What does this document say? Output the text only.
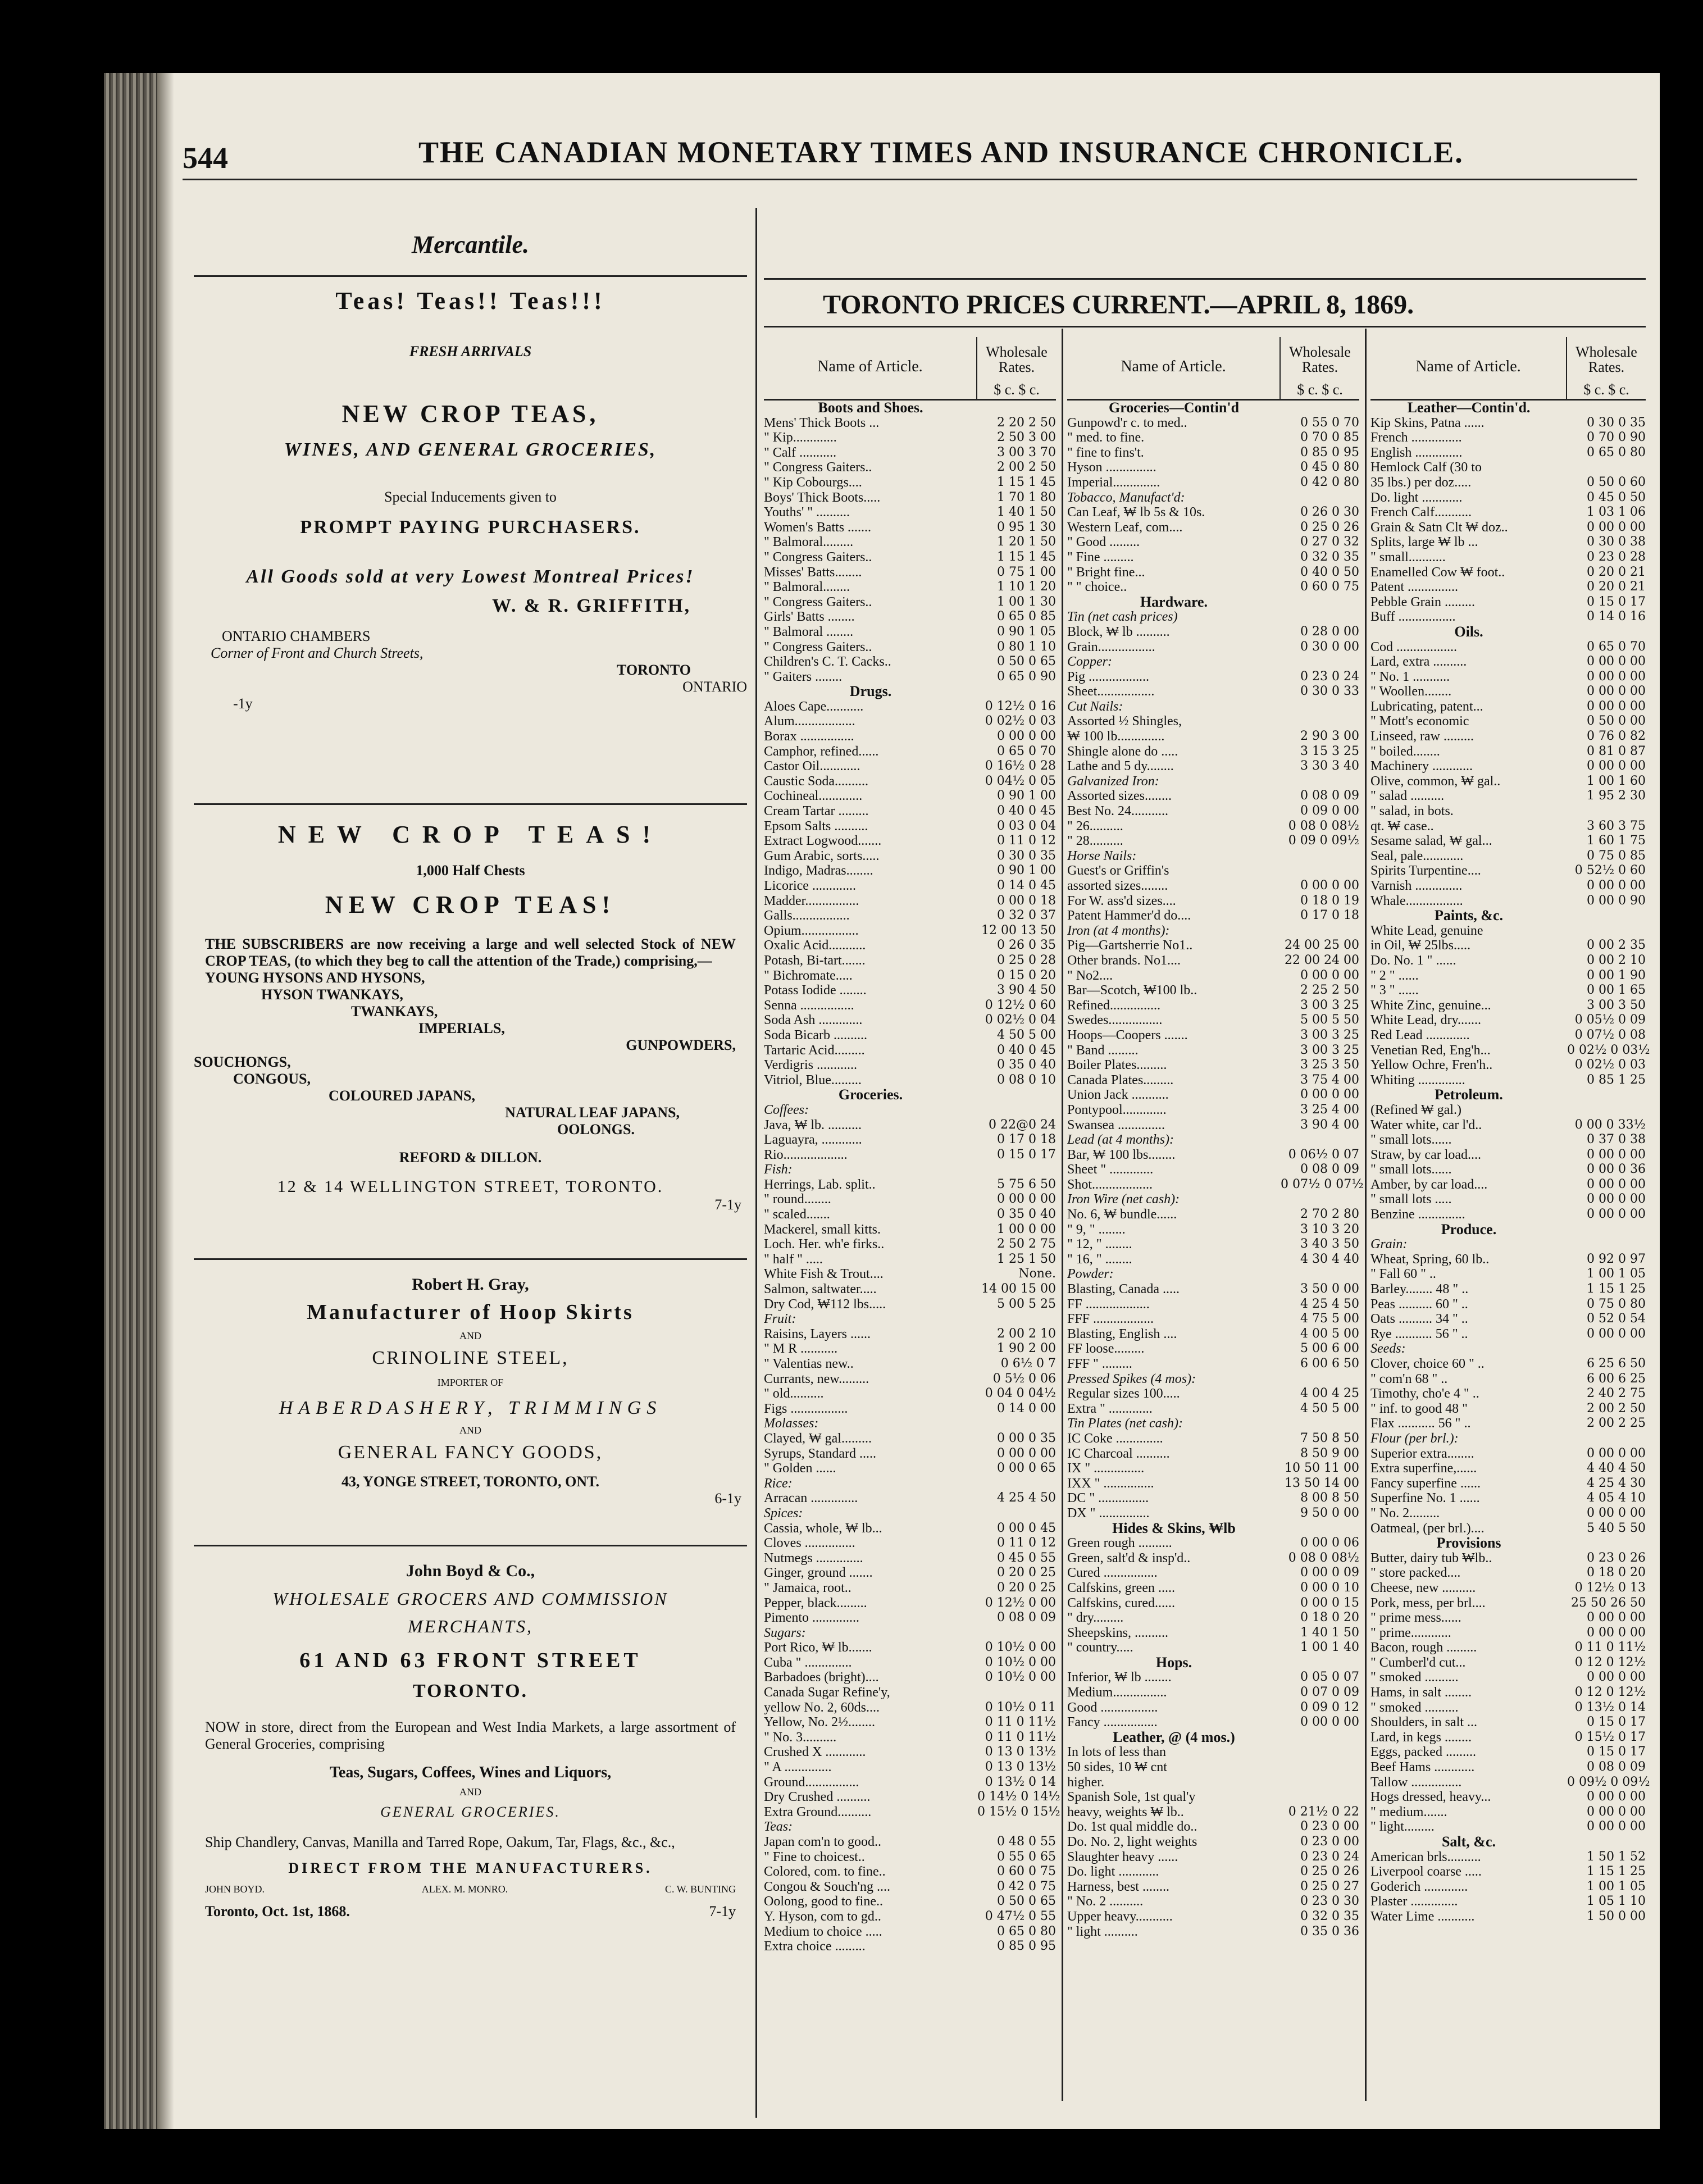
544	THE CANADIAN MONETARY TIMES AND INSURANCE CHRONICLE.

Mercantile.

Teas! Teas!! Teas!!!

FRESH ARRIVALS

NEW CROP TEAS,

WINES, AND GENERAL GROCERIES,

Special Inducements given to

PROMPT PAYING PURCHASERS.

All Goods sold at very Lowest Montreal Prices!

W. & R. GRIFFITH,

ONTARIO CHAMBERS

Corner of Front and Church Streets,

TORONTO

ONTARIO

-1y

NEW CROP TEAS!

1,000 Half Chests

NEW CROP TEAS!

THE SUBSCRIBERS are now receiving a large and well selected Stock of NEW CROP TEAS, (to which they beg to call the attention of the Trade,) comprising,—

YOUNG HYSONS AND HYSONS,

HYSON TWANKAYS,

TWANKAYS,

IMPERIALS,

GUNPOWDERS,

SOUCHONGS,

CONGOUS,

COLOURED JAPANS,

NATURAL LEAF JAPANS,

OOLONGS.

REFORD & DILLON.

12 & 14 WELLINGTON STREET, TORONTO.

7-1y

Robert H. Gray,

Manufacturer of Hoop Skirts

AND

CRINOLINE STEEL,

IMPORTER OF

HABERDASHERY, TRIMMINGS

AND

GENERAL FANCY GOODS,

43, YONGE STREET, TORONTO, ONT.

6-1y

John Boyd & Co.,

WHOLESALE GROCERS AND COMMISSION

MERCHANTS,

61 AND 63 FRONT STREET

TORONTO.

NOW in store, direct from the European and West India Markets, a large assortment of General Groceries, comprising

Teas, Sugars, Coffees, Wines and Liquors,

AND

GENERAL GROCERIES.

Ship Chandlery, Canvas, Manilla and Tarred Rope, Oakum, Tar, Flags, &c., &c.,

DIRECT FROM THE MANUFACTURERS.

JOHN BOYD.	ALEX. M. MONRO.	C. W. BUNTING
Toronto, Oct. 1st, 1868.	7-1y
TORONTO PRICES CURRENT.—APRIL 8, 1869.
Name of Article.
Wholesale Rates.
$ c. $ c.
Boots and Shoes.
Mens' Thick Boots ...	2 20 2 50
" Kip.............	2 50 3 00
" Calf ...........	3 00 3 70
" Congress Gaiters..	2 00 2 50
" Kip Cobourgs....	1 15 1 45
Boys' Thick Boots.....	1 70 1 80
Youths' " ..........	1 40 1 50
Women's Batts .......	0 95 1 30
" Balmoral.........	1 20 1 50
" Congress Gaiters..	1 15 1 45
Misses' Batts........	0 75 1 00
" Balmoral........	1 10 1 20
" Congress Gaiters..	1 00 1 30
Girls' Batts ........	0 65 0 85
" Balmoral ........	0 90 1 05
" Congress Gaiters..	0 80 1 10
Children's C. T. Cacks..	0 50 0 65
" Gaiters ........	0 65 0 90
Drugs.
Aloes Cape...........	0 12½ 0 16
Alum..................	0 02½ 0 03
Borax ................	0 00 0 00
Camphor, refined......	0 65 0 70
Castor Oil............	0 16½ 0 28
Caustic Soda..........	0 04½ 0 05
Cochineal.............	0 90 1 00
Cream Tartar .........	0 40 0 45
Epsom Salts ..........	0 03 0 04
Extract Logwood.......	0 11 0 12
Gum Arabic, sorts.....	0 30 0 35
Indigo, Madras........	0 90 1 00
Licorice .............	0 14 0 45
Madder................	0 00 0 18
Galls.................	0 32 0 37
Opium.................	12 00 13 50
Oxalic Acid...........	0 26 0 35
Potash, Bi-tart.......	0 25 0 28
" Bichromate.....	0 15 0 20
Potass Iodide ........	3 90 4 50
Senna ................	0 12½ 0 60
Soda Ash .............	0 02½ 0 04
Soda Bicarb ..........	4 50 5 00
Tartaric Acid.........	0 40 0 45
Verdigris ............	0 35 0 40
Vitriol, Blue.........	0 08 0 10
Groceries.
Coffees:
Java, ₩ lb. ..........	0 22@0 24
Laguayra, ............	0 17 0 18
Rio...................	0 15 0 17
Fish:
Herrings, Lab. split..	5 75 6 50
" round........	0 00 0 00
" scaled.......	0 35 0 40
Mackerel, small kitts.	1 00 0 00
Loch. Her. wh'e firks..	2 50 2 75
" half " .....	1 25 1 50
White Fish & Trout....	None.
Salmon, saltwater.....	14 00 15 00
Dry Cod, ₩112 lbs.....	5 00 5 25
Fruit:
Raisins, Layers ......	2 00 2 10
" M R ...........	1 90 2 00
" Valentias new..	0 6½ 0 7
Currants, new.........	0 5½ 0 06
" old..........	0 04 0 04½
Figs .................	0 14 0 00
Molasses:
Clayed, ₩ gal.........	0 00 0 35
Syrups, Standard .....	0 00 0 00
" Golden ......	0 00 0 65
Rice:
Arracan ..............	4 25 4 50
Spices:
Cassia, whole, ₩ lb...	0 00 0 45
Cloves ...............	0 11 0 12
Nutmegs ..............	0 45 0 55
Ginger, ground .......	0 20 0 25
" Jamaica, root..	0 20 0 25
Pepper, black.........	0 12½ 0 00
Pimento ..............	0 08 0 09
Sugars:
Port Rico, ₩ lb.......	0 10½ 0 00
Cuba " ..............	0 10½ 0 00
Barbadoes (bright)....	0 10½ 0 00
Canada Sugar Refine'y,
yellow No. 2, 60ds....	0 10½ 0 11
Yellow, No. 2½........	0 11 0 11½
" No. 3..........	0 11 0 11½
Crushed X ............	0 13 0 13½
" A ..............	0 13 0 13½
Ground................	0 13½ 0 14
Dry Crushed ..........	0 14½ 0 14½
Extra Ground..........	0 15½ 0 15½
Teas:
Japan com'n to good..	0 48 0 55
" Fine to choicest..	0 55 0 65
Colored, com. to fine..	0 60 0 75
Congou & Souch'ng ....	0 42 0 75
Oolong, good to fine..	0 50 0 65
Y. Hyson, com to gd..	0 47½ 0 55
Medium to choice .....	0 65 0 80
Extra choice .........	0 85 0 95
Name of Article.
Wholesale Rates.
$ c. $ c.
Groceries—Contin'd
Gunpowd'r c. to med..	0 55 0 70
" med. to fine.	0 70 0 85
" fine to fins't.	0 85 0 95
Hyson ...............	0 45 0 80
Imperial..............	0 42 0 80
Tobacco, Manufact'd:
Can Leaf, ₩ lb 5s & 10s.	0 26 0 30
Western Leaf, com....	0 25 0 26
" Good .........	0 27 0 32
" Fine .........	0 32 0 35
" Bright fine...	0 40 0 50
" " choice..	0 60 0 75
Hardware.
Tin (net cash prices)
Block, ₩ lb ..........	0 28 0 00
Grain.................	0 30 0 00
Copper:
Pig ..................	0 23 0 24
Sheet.................	0 30 0 33
Cut Nails:
Assorted ½ Shingles,
₩ 100 lb..............	2 90 3 00
Shingle alone do .....	3 15 3 25
Lathe and 5 dy........	3 30 3 40
Galvanized Iron:
Assorted sizes........	0 08 0 09
Best No. 24...........	0 09 0 00
" 26..........	0 08 0 08½
" 28..........	0 09 0 09½
Horse Nails:
Guest's or Griffin's
assorted sizes........	0 00 0 00
For W. ass'd sizes....	0 18 0 19
Patent Hammer'd do....	0 17 0 18
Iron (at 4 months):
Pig—Gartsherrie No1..	24 00 25 00
Other brands. No1....	22 00 24 00
" No2....	0 00 0 00
Bar—Scotch, ₩100 lb..	2 25 2 50
Refined...............	3 00 3 25
Swedes................	5 00 5 50
Hoops—Coopers .......	3 00 3 25
" Band .........	3 00 3 25
Boiler Plates.........	3 25 3 50
Canada Plates.........	3 75 4 00
Union Jack ...........	0 00 0 00
Pontypool.............	3 25 4 00
Swansea ..............	3 90 4 00
Lead (at 4 months):
Bar, ₩ 100 lbs........	0 06½ 0 07
Sheet " .............	0 08 0 09
Shot..................	0 07½ 0 07½
Iron Wire (net cash):
No. 6, ₩ bundle......	2 70 2 80
" 9, " ........	3 10 3 20
" 12, " ........	3 40 3 50
" 16, " ........	4 30 4 40
Powder:
Blasting, Canada .....	3 50 0 00
FF ...................	4 25 4 50
FFF ..................	4 75 5 00
Blasting, English ....	4 00 5 00
FF loose.........	5 00 6 00
FFF " .........	6 00 6 50
Pressed Spikes (4 mos):
Regular sizes 100.....	4 00 4 25
Extra " .............	4 50 5 00
Tin Plates (net cash):
IC Coke ..............	7 50 8 50
IC Charcoal ..........	8 50 9 00
IX " ...............	10 50 11 00
IXX " ...............	13 50 14 00
DC " ...............	8 00 8 50
DX " ...............	9 50 0 00
Hides & Skins, ₩lb
Green rough ..........	0 00 0 06
Green, salt'd & insp'd..	0 08 0 08½
Cured ................	0 00 0 09
Calfskins, green .....	0 00 0 10
Calfskins, cured......	0 00 0 15
" dry.........	0 18 0 20
Sheepskins, ..........	1 40 1 50
" country.....	1 00 1 40
Hops.
Inferior, ₩ lb ........	0 05 0 07
Medium................	0 07 0 09
Good .................	0 09 0 12
Fancy ................	0 00 0 00
Leather, @ (4 mos.)
In lots of less than
50 sides, 10 ₩ cnt
higher.
Spanish Sole, 1st qual'y
heavy, weights ₩ lb..	0 21½ 0 22
Do. 1st qual middle do..	0 23 0 00
Do. No. 2, light weights	0 23 0 00
Slaughter heavy ......	0 23 0 24
Do. light ............	0 25 0 26
Harness, best ........	0 25 0 27
" No. 2 ..........	0 23 0 30
Upper heavy...........	0 32 0 35
" light ..........	0 35 0 36
Name of Article.
Wholesale Rates.
$ c. $ c.
Leather—Contin'd.
Kip Skins, Patna ......	0 30 0 35
French ...............	0 70 0 90
English ..............	0 65 0 80
Hemlock Calf (30 to
35 lbs.) per doz.....	0 50 0 60
Do. light ............	0 45 0 50
French Calf...........	1 03 1 06
Grain & Satn Clt ₩ doz..	0 00 0 00
Splits, large ₩ lb ...	0 30 0 38
" small...........	0 23 0 28
Enamelled Cow ₩ foot..	0 20 0 21
Patent ...............	0 20 0 21
Pebble Grain .........	0 15 0 17
Buff .................	0 14 0 16
Oils.
Cod ..................	0 65 0 70
Lard, extra ..........	0 00 0 00
" No. 1 ...........	0 00 0 00
" Woollen........	0 00 0 00
Lubricating, patent...	0 00 0 00
" Mott's economic	0 50 0 00
Linseed, raw .........	0 76 0 82
" boiled........	0 81 0 87
Machinery ............	0 00 0 00
Olive, common, ₩ gal..	1 00 1 60
" salad ..........	1 95 2 30
" salad, in bots.
qt. ₩ case..	3 60 3 75
Sesame salad, ₩ gal...	1 60 1 75
Seal, pale............	0 75 0 85
Spirits Turpentine....	0 52½ 0 60
Varnish ..............	0 00 0 00
Whale.................	0 00 0 90
Paints, &c.
White Lead, genuine
in Oil, ₩ 25lbs.....	0 00 2 35
Do. No. 1 " ......	0 00 2 10
" 2 " ......	0 00 1 90
" 3 " ......	0 00 1 65
White Zinc, genuine...	3 00 3 50
White Lead, dry.......	0 05½ 0 09
Red Lead .............	0 07½ 0 08
Venetian Red, Eng'h...	0 02½ 0 03½
Yellow Ochre, Fren'h..	0 02½ 0 03
Whiting ..............	0 85 1 25
Petroleum.
(Refined ₩ gal.)
Water white, car l'd..	0 00 0 33½
" small lots......	0 37 0 38
Straw, by car load....	0 00 0 00
" small lots......	0 00 0 36
Amber, by car load....	0 00 0 00
" small lots .....	0 00 0 00
Benzine ..............	0 00 0 00
Produce.
Grain:
Wheat, Spring, 60 lb..	0 92 0 97
" Fall 60 " ..	1 00 1 05
Barley........ 48 " ..	1 15 1 25
Peas .......... 60 " ..	0 75 0 80
Oats .......... 34 " ..	0 52 0 54
Rye ........... 56 " ..	0 00 0 00
Seeds:
Clover, choice 60 " ..	6 25 6 50
" com'n 68 " ..	6 00 6 25
Timothy, cho'e 4 " ..	2 40 2 75
" inf. to good 48 "	2 00 2 50
Flax ........... 56 " ..	2 00 2 25
Flour (per brl.):
Superior extra........	0 00 0 00
Extra superfine,......	4 40 4 50
Fancy superfine ......	4 25 4 30
Superfine No. 1 ......	4 05 4 10
" No. 2.........	0 00 0 00
Oatmeal, (per brl.)....	5 40 5 50
Provisions
Butter, dairy tub ₩lb..	0 23 0 26
" store packed....	0 18 0 20
Cheese, new ..........	0 12½ 0 13
Pork, mess, per brl....	25 50 26 50
" prime mess......	0 00 0 00
" prime............	0 00 0 00
Bacon, rough .........	0 11 0 11½
" Cumberl'd cut...	0 12 0 12½
" smoked ..........	0 00 0 00
Hams, in salt ........	0 12 0 12½
" smoked ..........	0 13½ 0 14
Shoulders, in salt ...	0 15 0 17
Lard, in kegs ........	0 15½ 0 17
Eggs, packed .........	0 15 0 17
Beef Hams ............	0 08 0 09
Tallow ...............	0 09½ 0 09½
Hogs dressed, heavy...	0 00 0 00
" medium.......	0 00 0 00
" light.........	0 00 0 00
Salt, &c.
American brls..........	1 50 1 52
Liverpool coarse .....	1 15 1 25
Goderich .............	1 00 1 05
Plaster ..............	1 05 1 10
Water Lime ...........	1 50 0 00
